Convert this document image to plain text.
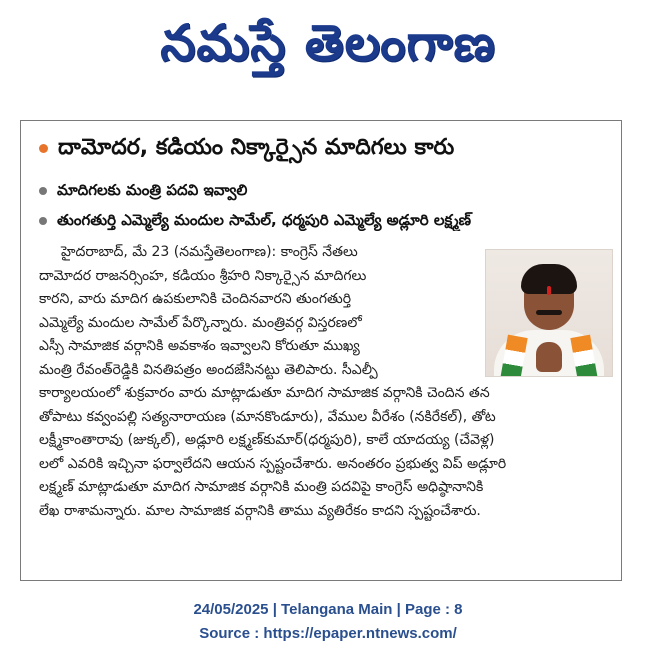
నమస్తే తెలంగాణ
దామోదర, కడియం నిక్కార్సైన మాదిగలు కారు
మాదిగలకు మంత్రి పదవి ఇవ్వాలి
తుంగతుర్తి ఎమ్మెల్యే మందుల సామేల్, ధర్మపురి ఎమ్మెల్యే అడ్లూరి లక్ష్మణ్

హైదరాబాద్, మే 23 (నమస్తేతెలంగాణ): కాంగ్రెస్ నేతలు

దామోదర రాజనర్సింహ, కడియం శ్రీహరి నిక్కార్సైన మాదిగలు

కారని, వారు మాదిగ ఉపకులానికి చెందినవారని తుంగతుర్తి

ఎమ్మెల్యే మందుల సామేల్ పేర్కొన్నారు. మంత్రివర్గ విస్తరణలో

ఎస్సీ సామాజిక వర్గానికి అవకాశం ఇవ్వాలని కోరుతూ ముఖ్య

మంత్రి రేవంత్‌రెడ్డికి వినతిపత్రం అందజేసినట్టు తెలిపారు. సీఎల్పీ

కార్యాలయంలో శుక్రవారం వారు మాట్లాడుతూ మాదిగ సామాజిక వర్గానికి చెందిన తన

తోపాటు కవ్వంపల్లి సత్యనారాయణ (మానకొండూరు), వేముల వీరేశం (నకిరేకల్), తోట

లక్ష్మీకాంతారావు (జుక్కల్), అడ్లూరి లక్ష్మణ్‌కుమార్(ధర్మపురి), కాలే యాదయ్య (చేవెళ్ల)

లలో ఎవరికి ఇచ్చినా ఫర్వాలేదని ఆయన స్పష్టంచేశారు. అనంతరం ప్రభుత్వ విప్ అడ్లూరి

లక్ష్మణ్ మాట్లాడుతూ మాదిగ సామాజిక వర్గానికి మంత్రి పదవిపై కాంగ్రెస్ అధిష్ఠానానికి

లేఖ రాశామన్నారు. మాల సామాజిక వర్గానికి తాము వ్యతిరేకం కాదని స్పష్టంచేశారు.

24/05/2025 | Telangana Main | Page : 8
Source : https://epaper.ntnews.com/
